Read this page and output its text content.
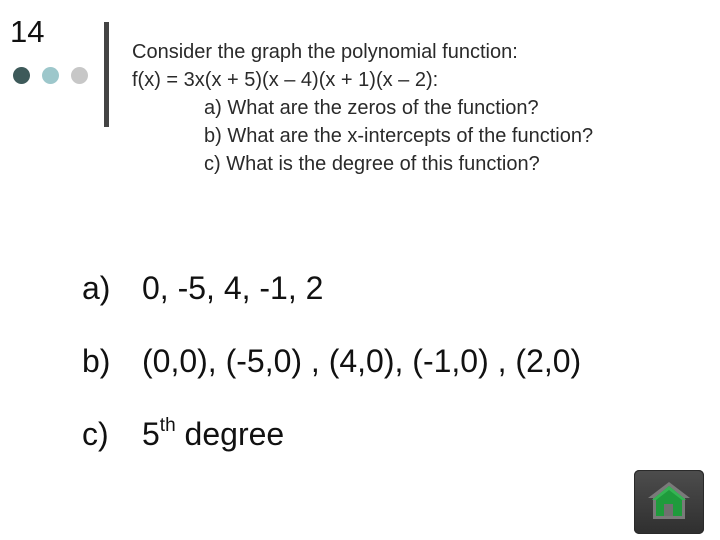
14
Consider the graph the polynomial function:
f(x) = 3x(x + 5)(x – 4)(x + 1)(x – 2):
a) What are the zeros of the function?
b) What are the x-intercepts of the function?
c) What is the degree of this function?
a) 0, -5, 4, -1, 2
b) (0,0), (-5,0) , (4,0), (-1,0) , (2,0)
c) 5th degree
